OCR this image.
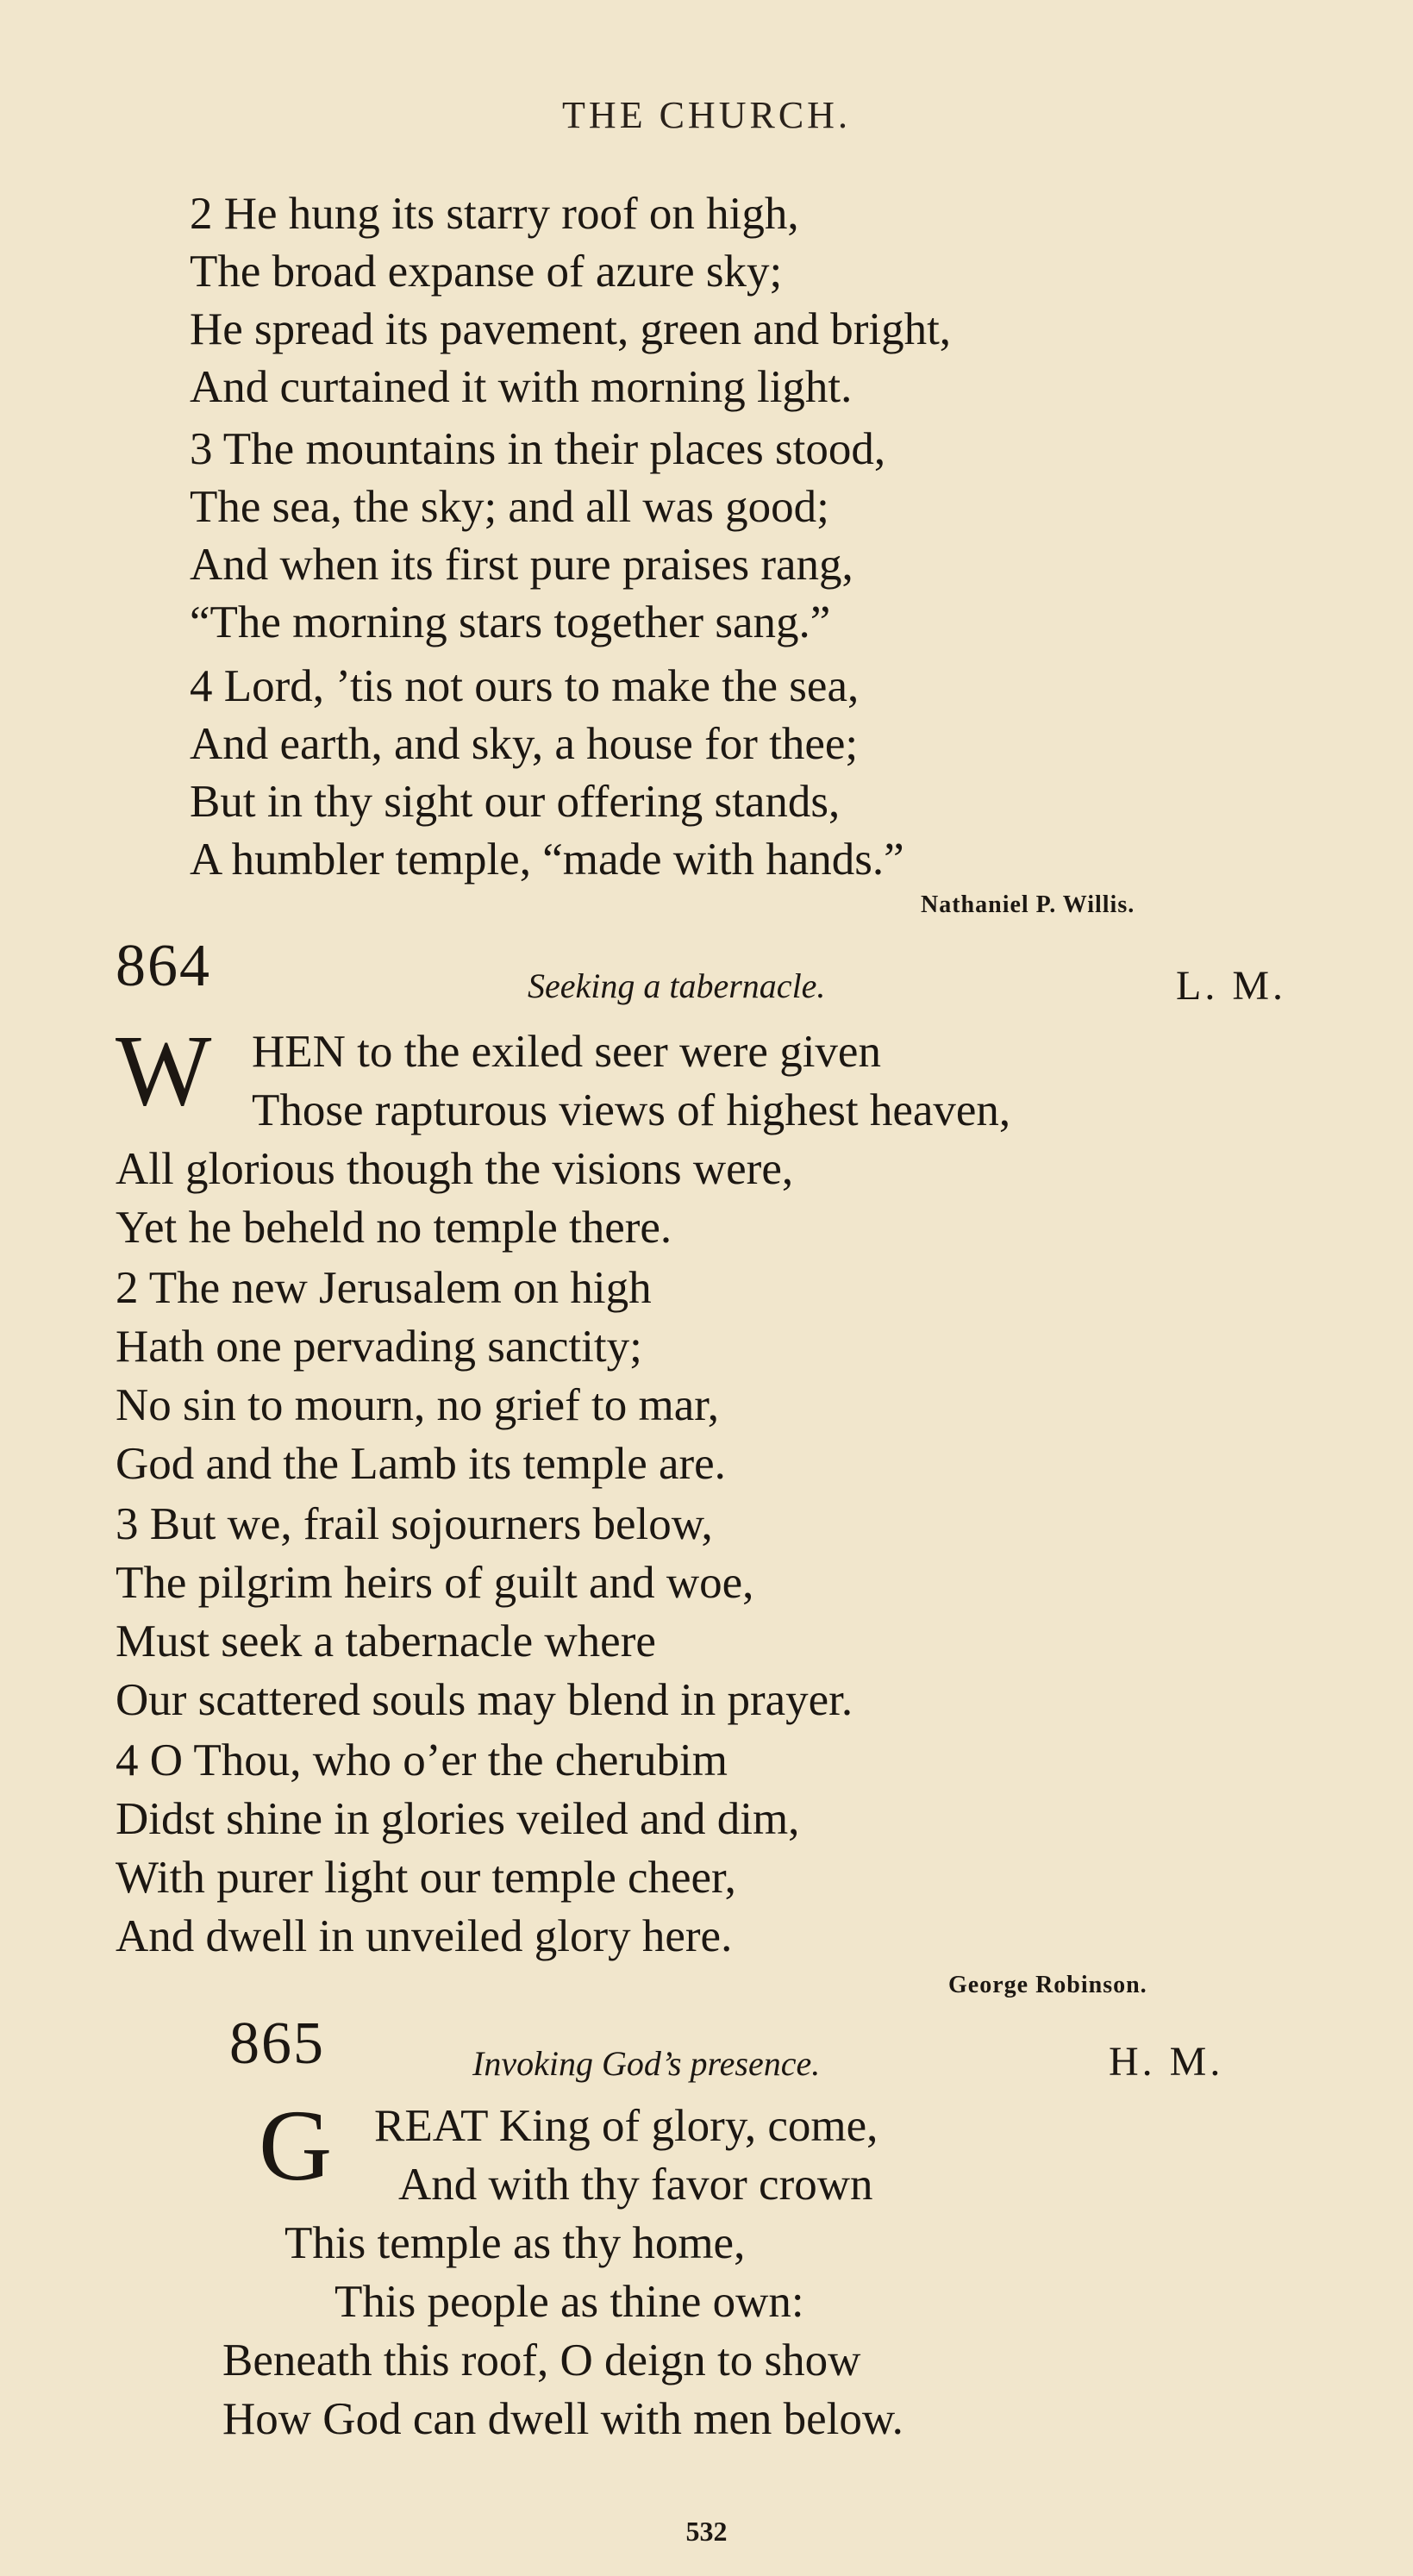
THE CHURCH.
2 He hung its starry roof on high,
The broad expanse of azure sky;
He spread its pavement, green and bright,
And curtained it with morning light.
3 The mountains in their places stood,
The sea, the sky; and all was good;
And when its first pure praises rang,
“The morning stars together sang.”
4 Lord, ’tis not ours to make the sea,
And earth, and sky, a house for thee;
But in thy sight our offering stands,
A humbler temple, “made with hands.”
Nathaniel P. Willis.
864	Seeking a tabernacle.	L. M.
W HEN to the exiled seer were given
Those rapturous views of highest heaven,
All glorious though the visions were,
Yet he beheld no temple there.
2 The new Jerusalem on high
Hath one pervading sanctity;
No sin to mourn, no grief to mar,
God and the Lamb its temple are.
3 But we, frail sojourners below,
The pilgrim heirs of guilt and woe,
Must seek a tabernacle where
Our scattered souls may blend in prayer.
4 O Thou, who o’er the cherubim
Didst shine in glories veiled and dim,
With purer light our temple cheer,
And dwell in unveiled glory here.
George Robinson.
865	Invoking God’s presence.	H. M.
G REAT King of glory, come,
And with thy favor crown
This temple as thy home,
This people as thine own:
Beneath this roof, O deign to show
How God can dwell with men below.
532
